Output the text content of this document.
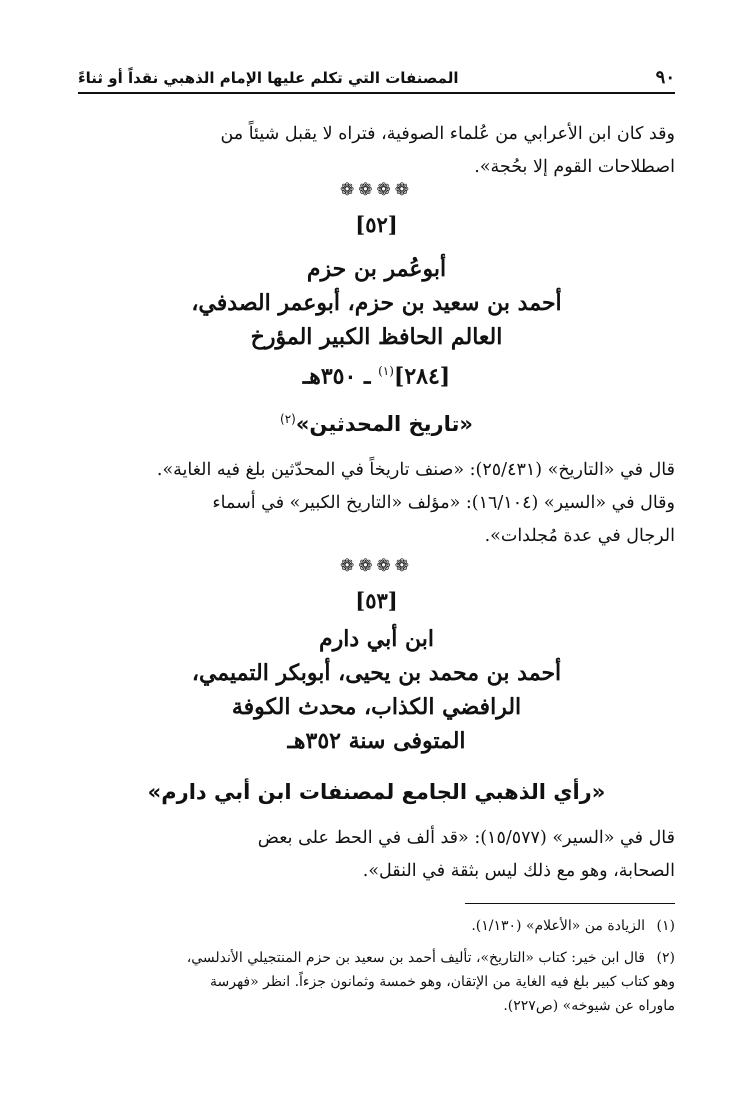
٩٠
المصنفات التي تكلم عليها الإمام الذهبي نقداً أو ثناءً
وقد كان ابن الأعرابي من عُلماء الصوفية، فتراه لا يقبل شيئاً من
اصطلاحات القوم إلا بحُجة».
❁❁❁❁
[٥٢]
أبوعُمر بن حزم
أحمد بن سعيد بن حزم، أبوعمر الصدفي،
العالم الحافظ الكبير المؤرخ
[٢٨٤]$^{(١)}$ ـ ٣٥٠هـ
«تاريخ المحدثين»$^{(٢)}$
قال في «التاريخ» (٢٥/٤٣١): «صنف تاريخاً في المحدّثين بلغ فيه الغاية».
وقال في «السير» (١٦/١٠٤): «مؤلف «التاريخ الكبير» في أسماء
الرجال في عدة مُجلدات».
❁❁❁❁
[٥٣]
ابن أبي دارم
أحمد بن محمد بن يحيى، أبوبكر التميمي،
الرافضي الكذاب، محدث الكوفة
المتوفى سنة ٣٥٢هـ
«رأي الذهبي الجامع لمصنفات ابن أبي دارم»
قال في «السير» (١٥/٥٧٧): «قد ألف في الحط على بعض
الصحابة، وهو مع ذلك ليس بثقة في النقل».
(١)الزيادة من «الأعلام» (١/١٣٠).
(٢)قال ابن خير: كتاب «التاريخ»، تأليف أحمد بن سعيد بن حزم المنتجيلي الأندلسي،
وهو كتاب كبير بلغ فيه الغاية من الإتقان، وهو خمسة وثمانون جزءاً. انظر «فهرسة
ماوراه عن شيوخه» (ص٢٢٧).
